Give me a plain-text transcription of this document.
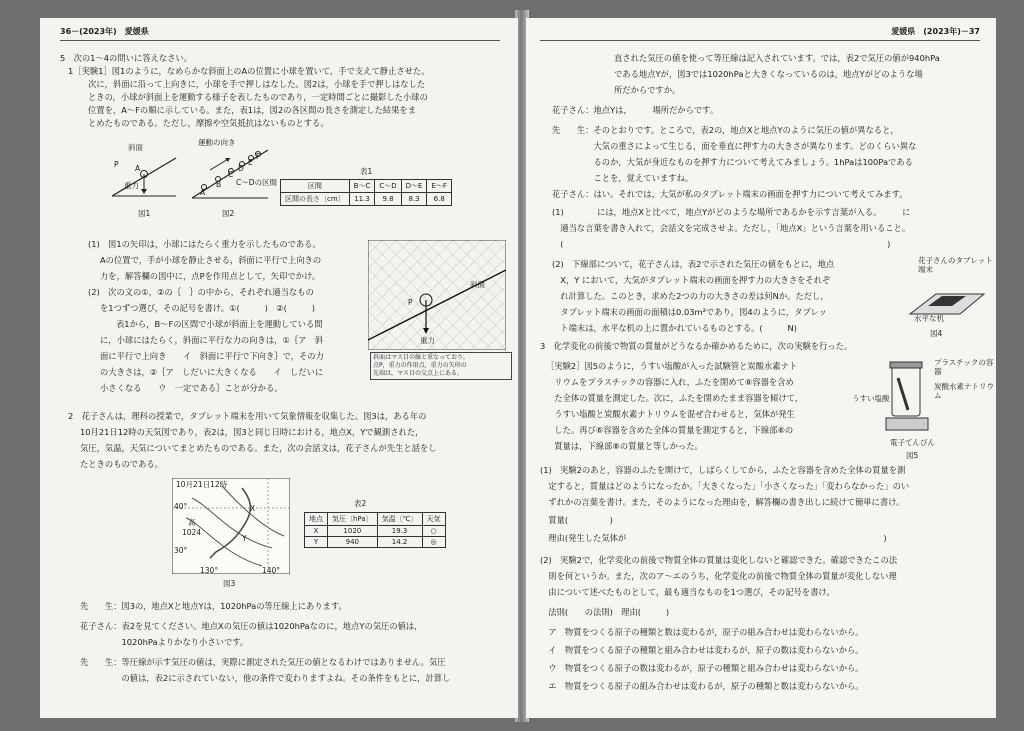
36－(2023年)　愛媛県
5　次の1～4の問いに答えなさい。
1［実験1］図1のように，なめらかな斜面上のAの位置に小球を置いて，手で支えて静止させた。
次に，斜面に沿って上向きに，小球を手で押しはなした。図2は，小球を手で押しはなした
ときの，小球が斜面上を運動する様子を表したものであり，一定時間ごとに撮影した小球の
位置を，A～Fの順に示している。また，表1は，図2の各区間の長さを測定した結果をま
とめたものである。ただし，摩擦や空気抵抗はないものとする。
重力
斜面
P A
図1
運動の向き
C～Dの区間
図2
表1
区間	B～C	C～D	D～E	E～F
区間の長さ〔cm〕	11.3	9.8	8.3	6.8
(1)　図1の矢印は，小球にはたらく重力を示したものである。
Aの位置で，手が小球を静止させる，斜面に平行で上向きの
力を，解答欄の図中に，点Pを作用点として，矢印でかけ。
(2)　次の文の①，②の｛　｝の中から，それぞれ適当なもの
を1つずつ選び，その記号を書け。①(　　　)　②(　　　)
表1から，B～Fの区間で小球が斜面上を運動している間
に，小球にはたらく，斜面に平行な力の向きは，①｛ア　斜
面に平行で上向き　　イ　斜面に平行で下向き｝で，その力
の大きさは，②｛ア　しだいに大きくなる　　イ　しだいに
小さくなる　　ウ　一定である｝ことが分かる。
斜面
P
重力
斜面はマス目の線と重なっており，
点P，重力の作用点，重力の矢印の
先端は，マス目の交点上にある。
2　花子さんは，理科の授業で，タブレット端末を用いて気象情報を収集した。図3は，ある年の
10月21日12時の天気図であり，表2は，図3と同じ日時における，地点X，Yで観測された，
気圧，気温，天気についてまとめたものである。また，次の会話文は，花子さんが先生と話をし
たときのものである。
10月21日12時
高
1024
40°
30°
130°	140°
X
Y
図3
表2
地点	気圧〔hPa〕	気温〔℃〕	天気
X	1020	19.3	○
Y	940	14.2	◎
先　　生：図3の，地点Xと地点Yは，1020hPaの等圧線上にあります。
花子さん：表2を見てください。地点Xの気圧の値は1020hPaなのに，地点Yの気圧の値は，
　　　　　1020hPaよりかなり小さいです。
先　　生：等圧線が示す気圧の値は，実際に測定された気圧の値となるわけではありません。気圧
　　　　　の値は，表2に示されていない，他の条件で変わりますよね。その条件をもとに，計算し
A
B
C
D
E
F
愛媛県　(2023年)－37
直された気圧の値を使って等圧線は記入されています。では，表2で気圧の値が940hPa
である地点Yが，図3では1020hPaと大きくなっているのは，地点Yがどのような場
所だからですか。
花子さん：地点Yは，　　　場所だからです。
先　　生：そのとおりです。ところで，表2の，地点Xと地点Yのように気圧の値が異なると，
　　　　　大気の重さによって生じる，面を垂直に押す力の大きさが異なります。どのくらい異な
　　　　　るのか，大気が身近なものを押す力について考えてみましょう。1hPaは100Paである
　　　　　ことを，覚えていますね。
花子さん：はい。それでは，大気が私のタブレット端末の画面を押す力について考えてみます。
(1)　　　　には，地点Xと比べて，地点Yがどのような場所であるかを示す言葉が入る。　　　に
　適当な言葉を書き入れて，会話文を完成させよ。ただし，「地点X」という言葉を用いること。
　(　　　　　　　　　　　　　　　　　　　　　　　　　　　　　　　　　　　　　　　)
(2)　下線部について，花子さんは，表2で示された気圧の値をもとに，地点
　X，Y において，大気がタブレット端末の画面を押す力の大きさをそれぞ
　れ計算した。このとき，求めた2つの力の大きさの差は何Nか。ただし，
　タブレット端末の画面の面積は0.03m²であり，図4のように，タブレッ
　ト端末は，水平な机の上に置かれているものとする。(　　　N)
花子さんのタブレット端末
水平な机
図4
3　化学変化の前後で物質の質量がどうなるか確かめるために，次の実験を行った。
［実験2］図5のように，うすい塩酸が入った試験管と炭酸水素ナト
　リウムをプラスチックの容器に入れ，ふたを閉めて⑧容器を含め
　た全体の質量を測定した。次に，ふたを閉めたまま容器を傾けて，
　うすい塩酸と炭酸水素ナトリウムを混ぜ合わせると，気体が発生
　した。再び⑥容器を含めた全体の質量を測定すると，下線部⑥の
　質量は，下線部⑧の質量と等しかった。
プラスチックの容器
炭酸水素ナトリウム
うすい塩酸
電子てんびん
図5
(1)　実験2のあと，容器のふたを開けて，しばらくしてから，ふたと容器を含めた全体の質量を測
　定すると，質量はどのようになったか。「大きくなった」「小さくなった」「変わらなかった」のい
　ずれかの言葉を書け。また，そのようになった理由を，解答欄の書き出しに続けて簡単に書け。
　質量(　　　　　)
　理由(発生した気体が　　　　　　　　　　　　　　　　　　　　　　　　　　　　　　　)
(2)　実験2で，化学変化の前後で物質全体の質量は変化しないと確認できた。確認できたこの法
　則を何というか。また，次のア～エのうち，化学変化の前後で物質全体の質量が変化しない理
　由について述べたものとして，最も適当なものを1つ選び，その記号を書け。
　法則(　　の法則)　理由(　　　)
　ア　物質をつくる原子の種類と数は変わるが，原子の組み合わせは変わらないから。
　イ　物質をつくる原子の種類と組み合わせは変わるが，原子の数は変わらないから。
　ウ　物質をつくる原子の数は変わるが，原子の種類と組み合わせは変わらないから。
　エ　物質をつくる原子の組み合わせは変わるが，原子の種類と数は変わらないから。
